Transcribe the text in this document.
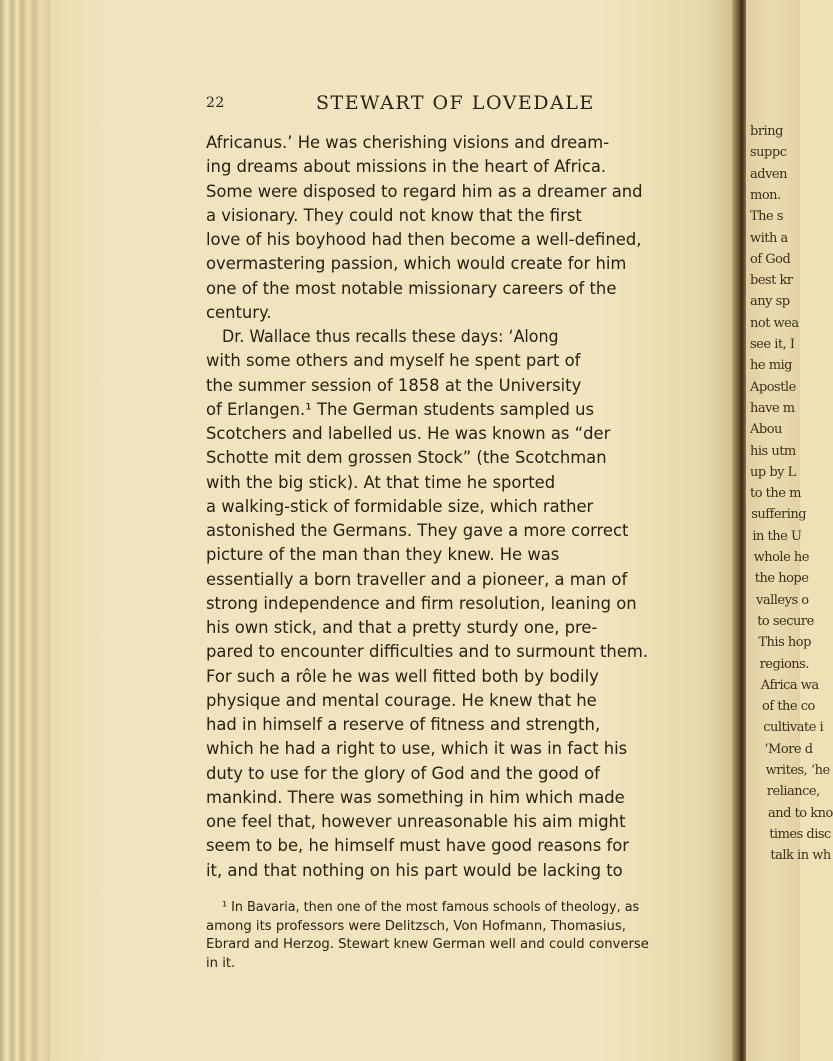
bring
suppc
adven
mon.
The s
with a
of God
best kr
any sp
not wea
see it, I
he mig
Apostle
have m
Abou
his utm
up by L
to the m
suffering
in the U
whole he
the hope
valleys o
to secure
This hop
regions.
Africa wa
of the co
cultivate i
‘More d
writes, ‘he
reliance,
and to kno
times disc
talk in wh
22	STEWART OF LOVEDALE
Africanus.’ He was cherishing visions and dream-
ing dreams about missions in the heart of Africa.
Some were disposed to regard him as a dreamer and
a visionary. They could not know that the first
love of his boyhood had then become a well-defined,
overmastering passion, which would create for him
one of the most notable missionary careers of the
century.
Dr. Wallace thus recalls these days: ‘Along
with some others and myself he spent part of
the summer session of 1858 at the University
of Erlangen.¹ The German students sampled us
Scotchers and labelled us. He was known as “der
Schotte mit dem grossen Stock” (the Scotchman
with the big stick). At that time he sported
a walking-stick of formidable size, which rather
astonished the Germans. They gave a more correct
picture of the man than they knew. He was
essentially a born traveller and a pioneer, a man of
strong independence and firm resolution, leaning on
his own stick, and that a pretty sturdy one, pre-
pared to encounter difficulties and to surmount them.
For such a rôle he was well fitted both by bodily
physique and mental courage. He knew that he
had in himself a reserve of fitness and strength,
which he had a right to use, which it was in fact his
duty to use for the glory of God and the good of
mankind. There was something in him which made
one feel that, however unreasonable his aim might
seem to be, he himself must have good reasons for
it, and that nothing on his part would be lacking to
¹ In Bavaria, then one of the most famous schools of theology, as
among its professors were Delitzsch, Von Hofmann, Thomasius,
Ebrard and Herzog. Stewart knew German well and could converse
in it.
